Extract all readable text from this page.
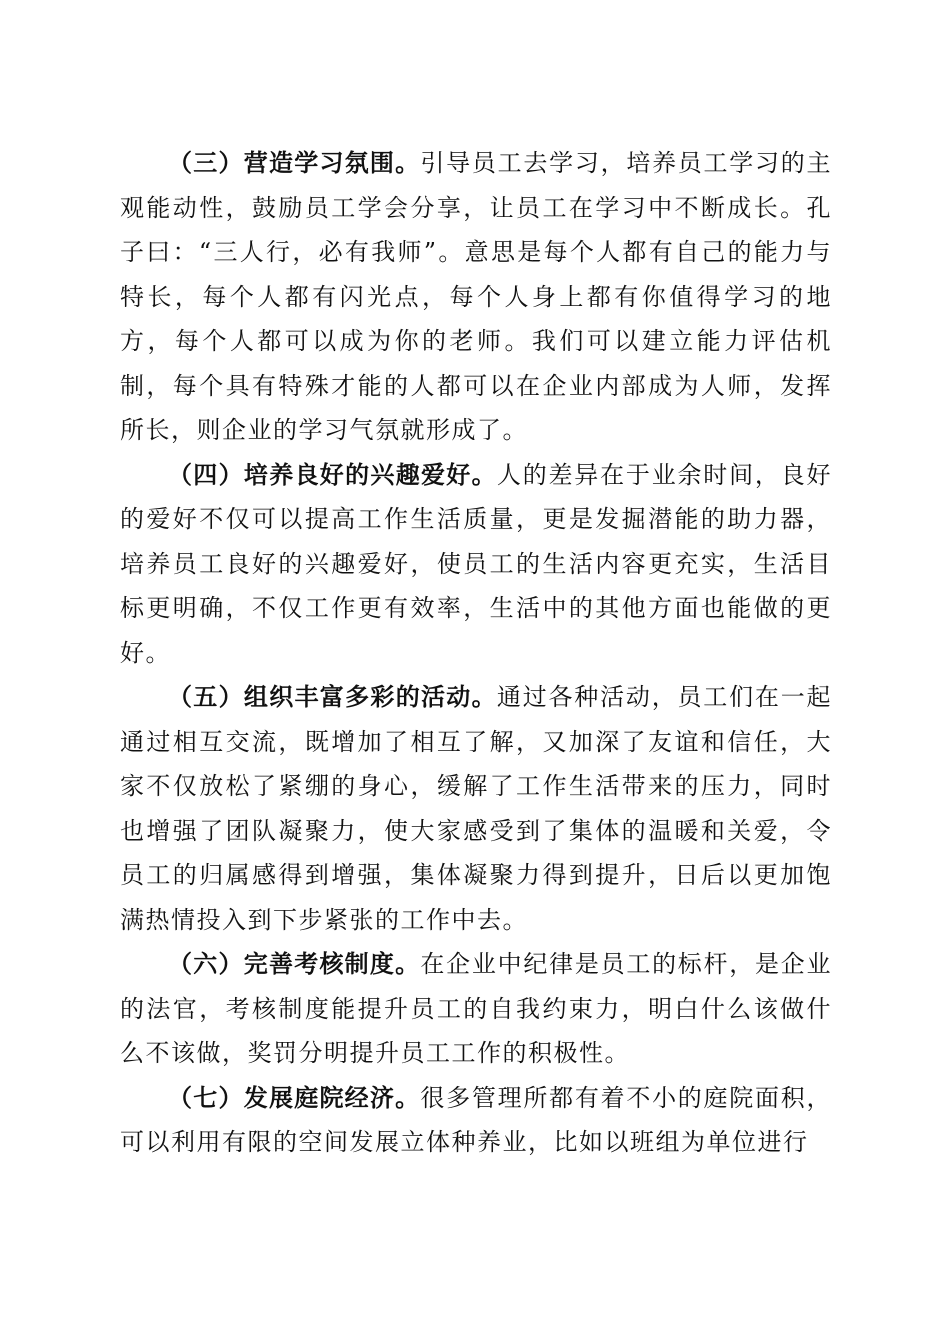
（三）营造学习氛围。引导员工去学习，培养员工学习的主观能动性，鼓励员工学会分享，让员工在学习中不断成长。孔子曰：“三人行，必有我师”。意思是每个人都有自己的能力与特长，每个人都有闪光点，每个人身上都有你值得学习的地方，每个人都可以成为你的老师。我们可以建立能力评估机制，每个具有特殊才能的人都可以在企业内部成为人师，发挥所长，则企业的学习气氛就形成了。

（四）培养良好的兴趣爱好。人的差异在于业余时间，良好的爱好不仅可以提高工作生活质量，更是发掘潜能的助力器，培养员工良好的兴趣爱好，使员工的生活内容更充实，生活目标更明确，不仅工作更有效率，生活中的其他方面也能做的更好。

（五）组织丰富多彩的活动。通过各种活动，员工们在一起通过相互交流，既增加了相互了解，又加深了友谊和信任，大家不仅放松了紧绷的身心，缓解了工作生活带来的压力，同时也增强了团队凝聚力，使大家感受到了集体的温暖和关爱，令员工的归属感得到增强，集体凝聚力得到提升，日后以更加饱满热情投入到下步紧张的工作中去。

（六）完善考核制度。在企业中纪律是员工的标杆，是企业的法官，考核制度能提升员工的自我约束力，明白什么该做什么不该做，奖罚分明提升员工工作的积极性。

（七）发展庭院经济。很多管理所都有着不小的庭院面积，可以利用有限的空间发展立体种养业，比如以班组为单位进行
